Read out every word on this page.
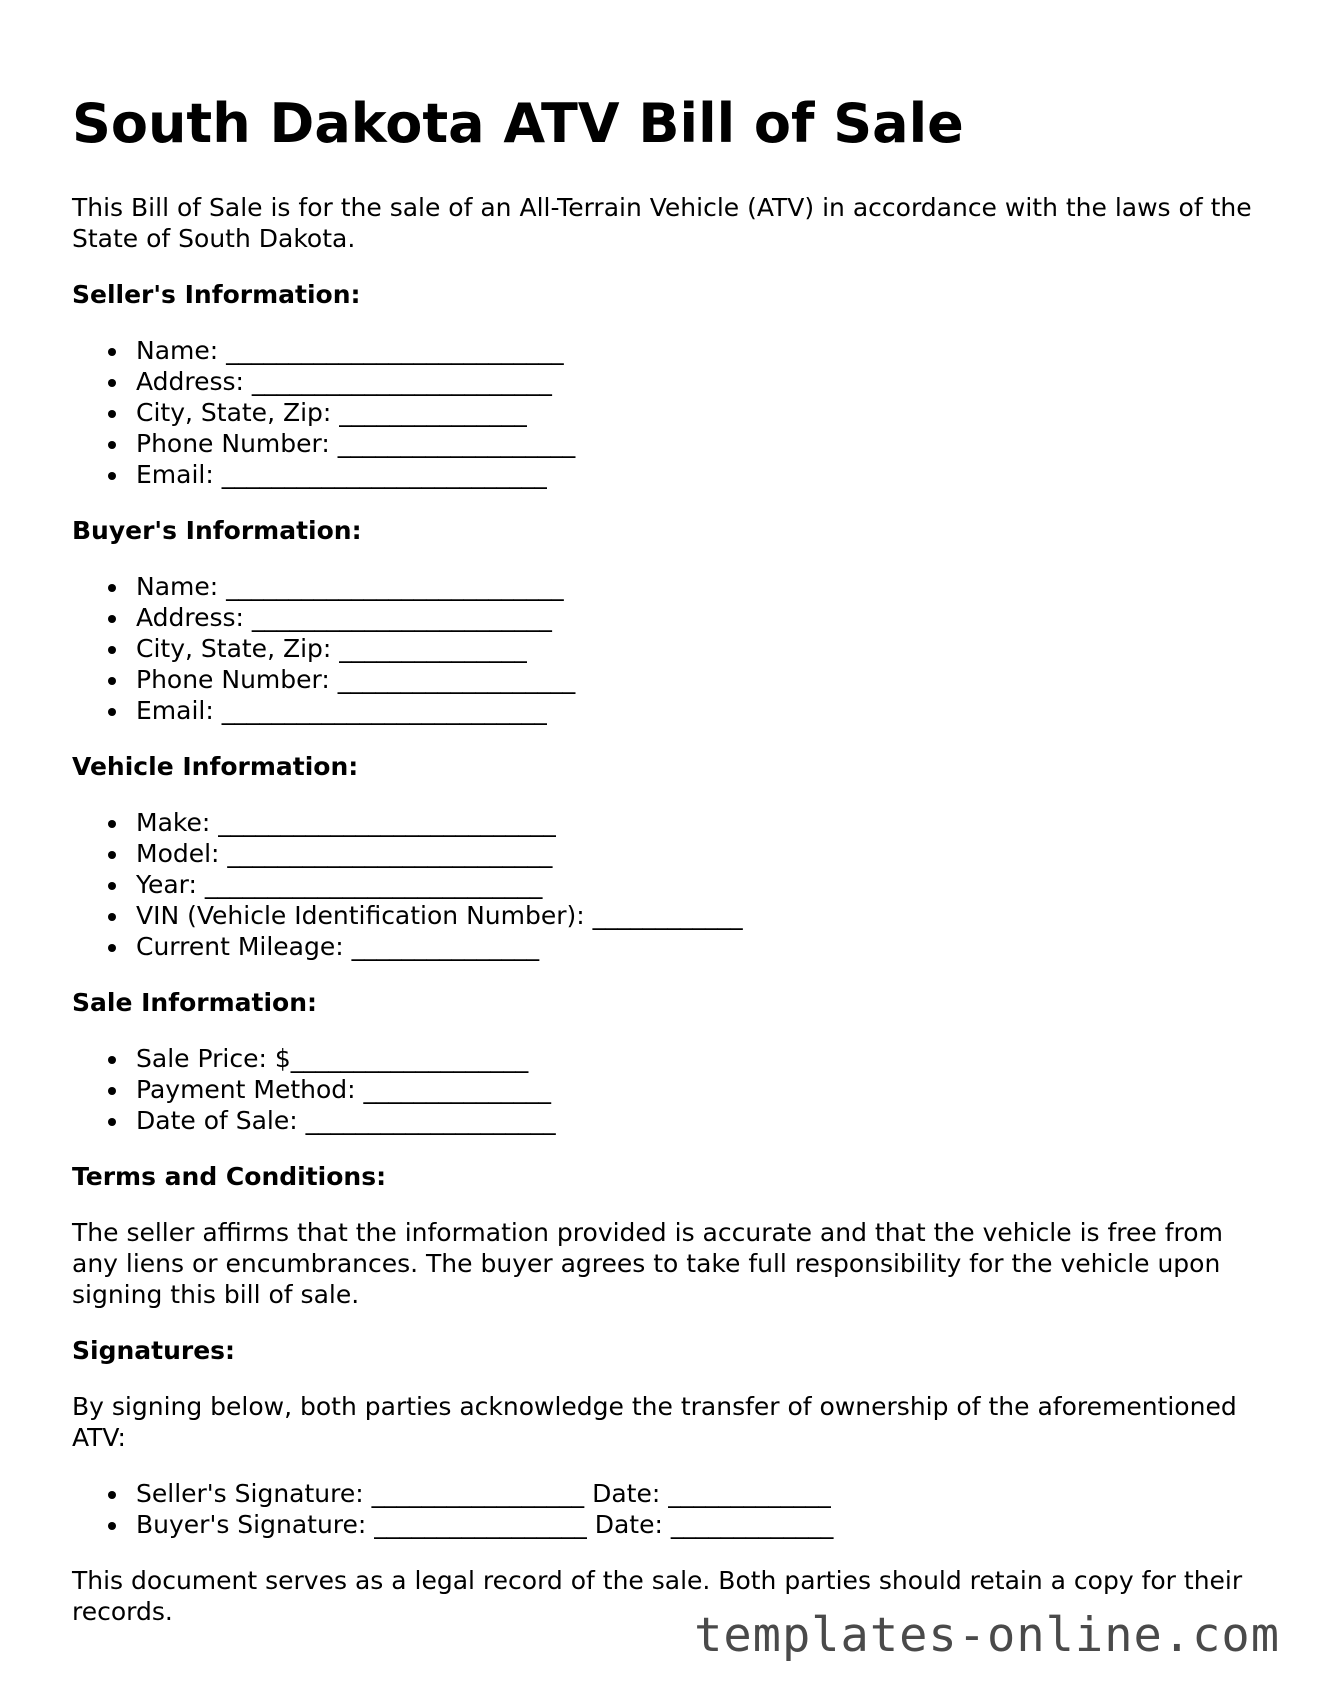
South Dakota ATV Bill of Sale

This Bill of Sale is for the sale of an All-Terrain Vehicle (ATV) in accordance with the laws of the State of South Dakota.

Seller's Information:
Name: ___________________________
Address: ________________________
City, State, Zip: _______________
Phone Number: ___________________
Email: __________________________
Buyer's Information:
Name: ___________________________
Address: ________________________
City, State, Zip: _______________
Phone Number: ___________________
Email: __________________________
Vehicle Information:
Make: ___________________________
Model: __________________________
Year: ___________________________
VIN (Vehicle Identification Number): ____________
Current Mileage: _______________
Sale Information:
Sale Price: $___________________
Payment Method: _______________
Date of Sale: ____________________
Terms and Conditions:

The seller affirms that the information provided is accurate and that the vehicle is free from any liens or encumbrances. The buyer agrees to take full responsibility for the vehicle upon signing this bill of sale.

Signatures:

By signing below, both parties acknowledge the transfer of ownership of the aforementioned ATV:

Seller's Signature: _________________ Date: _____________
Buyer's Signature: _________________ Date: _____________

This document serves as a legal record of the sale. Both parties should retain a copy for their records.	templates-online.com
